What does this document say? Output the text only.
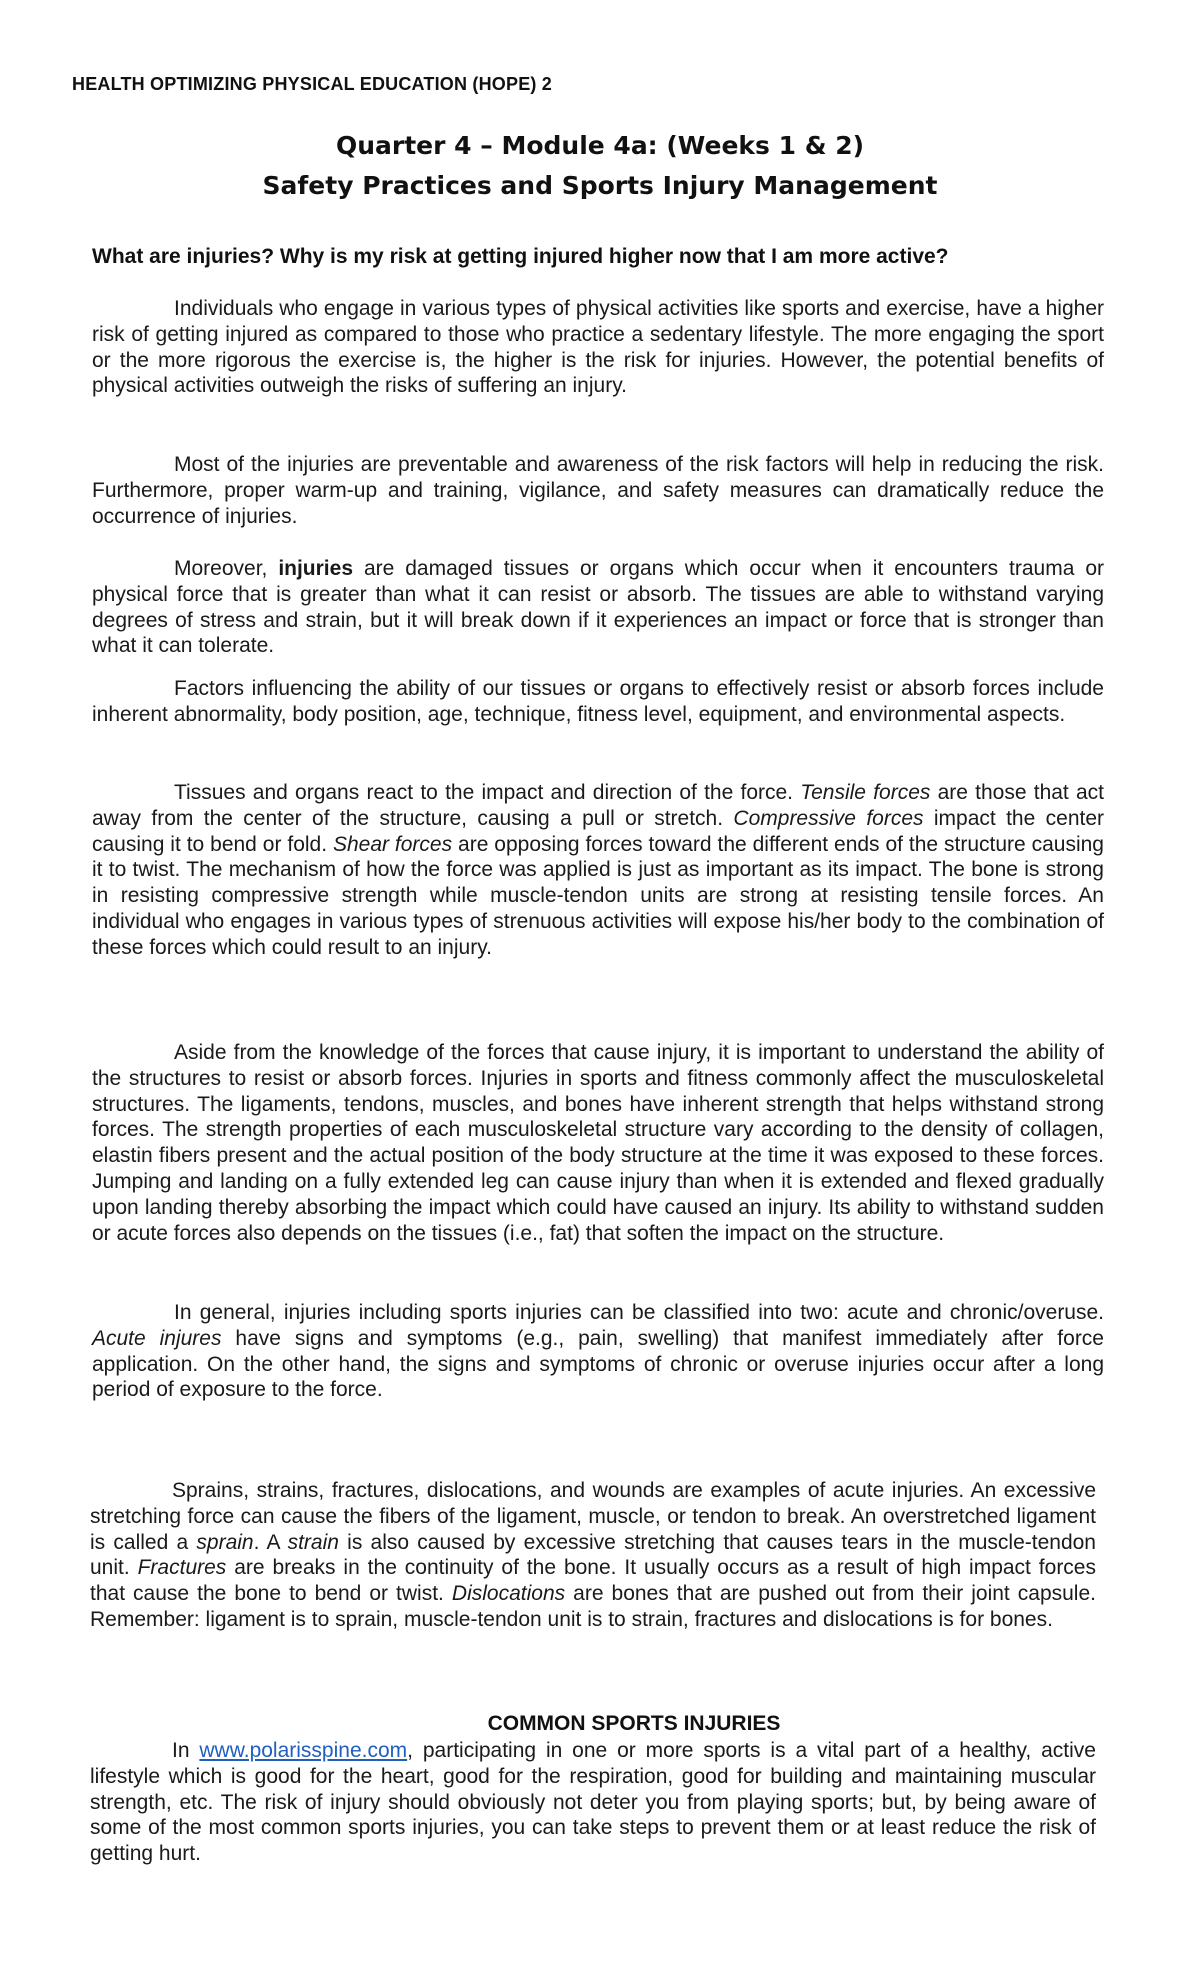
HEALTH OPTIMIZING PHYSICAL EDUCATION (HOPE) 2
Quarter 4 – Module 4a: (Weeks 1 & 2)
Safety Practices and Sports Injury Management

What are injuries? Why is my risk at getting injured higher now that I am more active?

Individuals who engage in various types of physical activities like sports and exercise, have a higher risk of getting injured as compared to those who practice a sedentary lifestyle. The more engaging the sport or the more rigorous the exercise is, the higher is the risk for injuries. However, the potential benefits of physical activities outweigh the risks of suffering an injury.

Most of the injuries are preventable and awareness of the risk factors will help in reducing the risk. Furthermore, proper warm-up and training, vigilance, and safety measures can dramatically reduce the occurrence of injuries.

Moreover, injuries are damaged tissues or organs which occur when it encounters trauma or physical force that is greater than what it can resist or absorb. The tissues are able to withstand varying degrees of stress and strain, but it will break down if it experiences an impact or force that is stronger than what it can tolerate.

Factors influencing the ability of our tissues or organs to effectively resist or absorb forces include inherent abnormality, body position, age, technique, fitness level, equipment, and environmental aspects.

Tissues and organs react to the impact and direction of the force. Tensile forces are those that act away from the center of the structure, causing a pull or stretch. Compressive forces impact the center causing it to bend or fold. Shear forces are opposing forces toward the different ends of the structure causing it to twist. The mechanism of how the force was applied is just as important as its impact. The bone is strong in resisting compressive strength while muscle-tendon units are strong at resisting tensile forces. An individual who engages in various types of strenuous activities will expose his/her body to the combination of these forces which could result to an injury.

Aside from the knowledge of the forces that cause injury, it is important to understand the ability of the structures to resist or absorb forces. Injuries in sports and fitness commonly affect the musculoskeletal structures. The ligaments, tendons, muscles, and bones have inherent strength that helps withstand strong forces. The strength properties of each musculoskeletal structure vary according to the density of collagen, elastin fibers present and the actual position of the body structure at the time it was exposed to these forces. Jumping and landing on a fully extended leg can cause injury than when it is extended and flexed gradually upon landing thereby absorbing the impact which could have caused an injury. Its ability to withstand sudden or acute forces also depends on the tissues (i.e., fat) that soften the impact on the structure.

In general, injuries including sports injuries can be classified into two: acute and chronic/overuse. Acute injures have signs and symptoms (e.g., pain, swelling) that manifest immediately after force application. On the other hand, the signs and symptoms of chronic or overuse injuries occur after a long period of exposure to the force.

Sprains, strains, fractures, dislocations, and wounds are examples of acute injuries. An excessive stretching force can cause the fibers of the ligament, muscle, or tendon to break. An overstretched ligament is called a sprain. A strain is also caused by excessive stretching that causes tears in the muscle-tendon unit. Fractures are breaks in the continuity of the bone. It usually occurs as a result of high impact forces that cause the bone to bend or twist. Dislocations are bones that are pushed out from their joint capsule. Remember: ligament is to sprain, muscle-tendon unit is to strain, fractures and dislocations is for bones.

COMMON SPORTS INJURIES

In www.polarisspine.com, participating in one or more sports is a vital part of a healthy, active lifestyle which is good for the heart, good for the respiration, good for building and maintaining muscular strength, etc. The risk of injury should obviously not deter you from playing sports; but, by being aware of some of the most common sports injuries, you can take steps to prevent them or at least reduce the risk of getting hurt.
